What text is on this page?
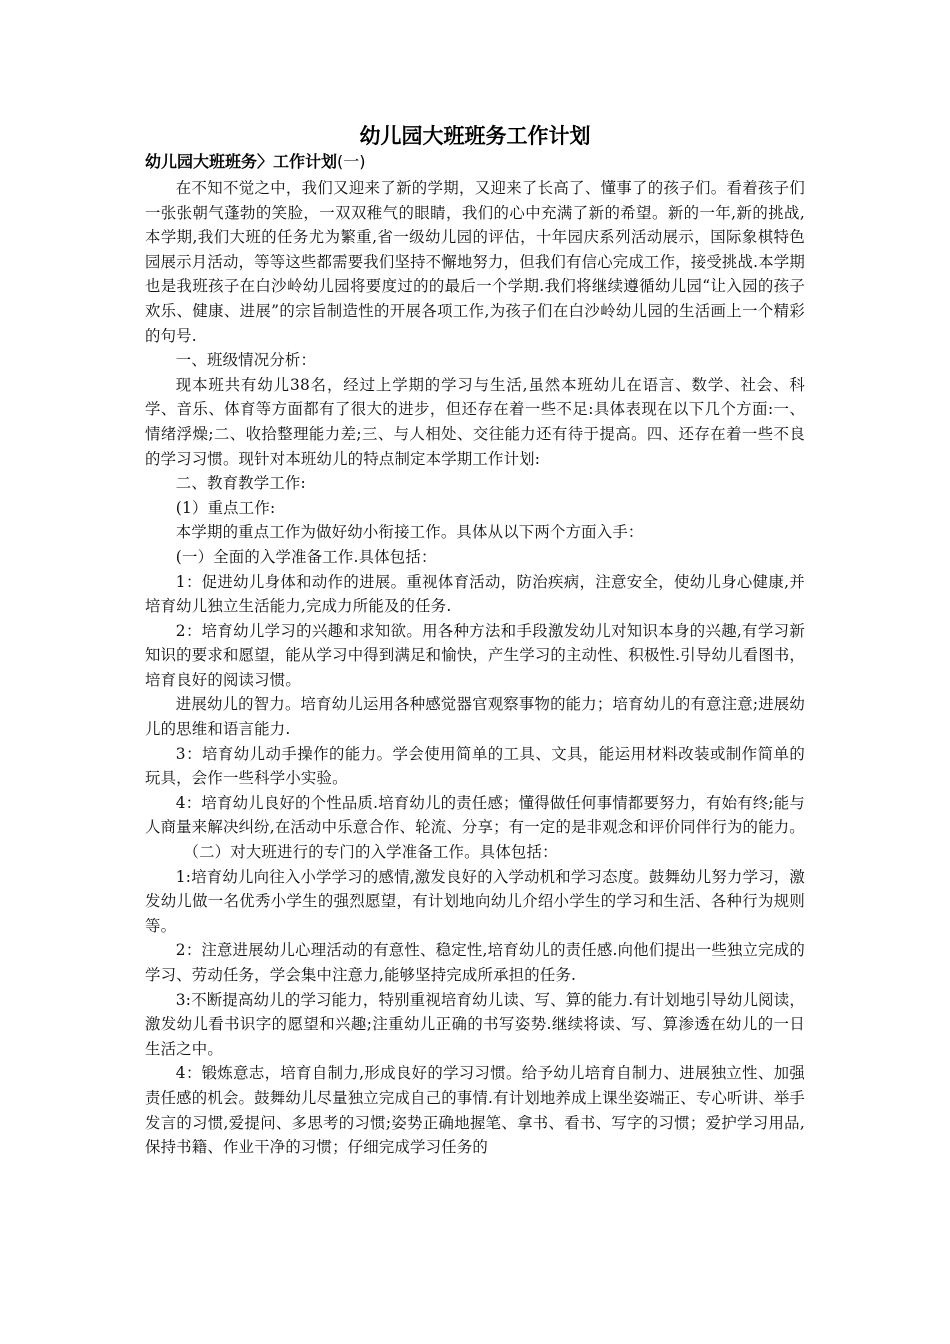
幼儿园大班班务工作计划
幼儿园大班班务〉工作计划(一)

在不知不觉之中，我们又迎来了新的学期，又迎来了长高了、懂事了的孩子们。看着孩子们一张张朝气蓬勃的笑脸，一双双稚气的眼睛，我们的心中充满了新的希望。新的一年,新的挑战,本学期,我们大班的任务尤为繁重,省一级幼儿园的评估，十年园庆系列活动展示，国际象棋特色园展示月活动，等等这些都需要我们坚持不懈地努力，但我们有信心完成工作，接受挑战.本学期也是我班孩子在白沙岭幼儿园将要度过的的最后一个学期.我们将继续遵循幼儿园“让入园的孩子欢乐、健康、进展”的宗旨制造性的开展各项工作,为孩子们在白沙岭幼儿园的生活画上一个精彩的句号.

一、班级情况分析：

现本班共有幼儿38名，经过上学期的学习与生活,虽然本班幼儿在语言、数学、社会、科学、音乐、体育等方面都有了很大的进步，但还存在着一些不足:具体表现在以下几个方面:一、情绪浮燥;二、收拾整理能力差;三、与人相处、交往能力还有待于提高。四、还存在着一些不良的学习习惯。现针对本班幼儿的特点制定本学期工作计划:

二、教育教学工作:

(1）重点工作:

本学期的重点工作为做好幼小衔接工作。具体从以下两个方面入手：

(一）全面的入学准备工作.具体包括：

1：促进幼儿身体和动作的进展。重视体育活动，防治疾病，注意安全，使幼儿身心健康,并培育幼儿独立生活能力,完成力所能及的任务.

2：培育幼儿学习的兴趣和求知欲。用各种方法和手段激发幼儿对知识本身的兴趣,有学习新知识的要求和愿望，能从学习中得到满足和愉快，产生学习的主动性、积极性.引导幼儿看图书，培育良好的阅读习惯。

进展幼儿的智力。培育幼儿运用各种感觉器官观察事物的能力；培育幼儿的有意注意;进展幼儿的思维和语言能力.

3：培育幼儿动手操作的能力。学会使用简单的工具、文具，能运用材料改装或制作简单的玩具，会作一些科学小实验。

4：培育幼儿良好的个性品质.培育幼儿的责任感；懂得做任何事情都要努力，有始有终;能与人商量来解决纠纷,在活动中乐意合作、轮流、分享；有一定的是非观念和评价同伴行为的能力。

（二）对大班进行的专门的入学准备工作。具体包括：

1:培育幼儿向往入小学学习的感情,激发良好的入学动机和学习态度。鼓舞幼儿努力学习，激发幼儿做一名优秀小学生的强烈愿望，有计划地向幼儿介绍小学生的学习和生活、各种行为规则等。

2：注意进展幼儿心理活动的有意性、稳定性,培育幼儿的责任感.向他们提出一些独立完成的学习、劳动任务，学会集中注意力,能够坚持完成所承担的任务.

3:不断提高幼儿的学习能力，特别重视培育幼儿读、写、算的能力.有计划地引导幼儿阅读，激发幼儿看书识字的愿望和兴趣;注重幼儿正确的书写姿势.继续将读、写、算渗透在幼儿的一日生活之中。

4：锻炼意志，培育自制力,形成良好的学习习惯。给予幼儿培育自制力、进展独立性、加强责任感的机会。鼓舞幼儿尽量独立完成自己的事情.有计划地养成上课坐姿端正、专心听讲、举手发言的习惯,爱提问、多思考的习惯;姿势正确地握笔、拿书、看书、写字的习惯；爱护学习用品,保持书籍、作业干净的习惯；仔细完成学习任务的
